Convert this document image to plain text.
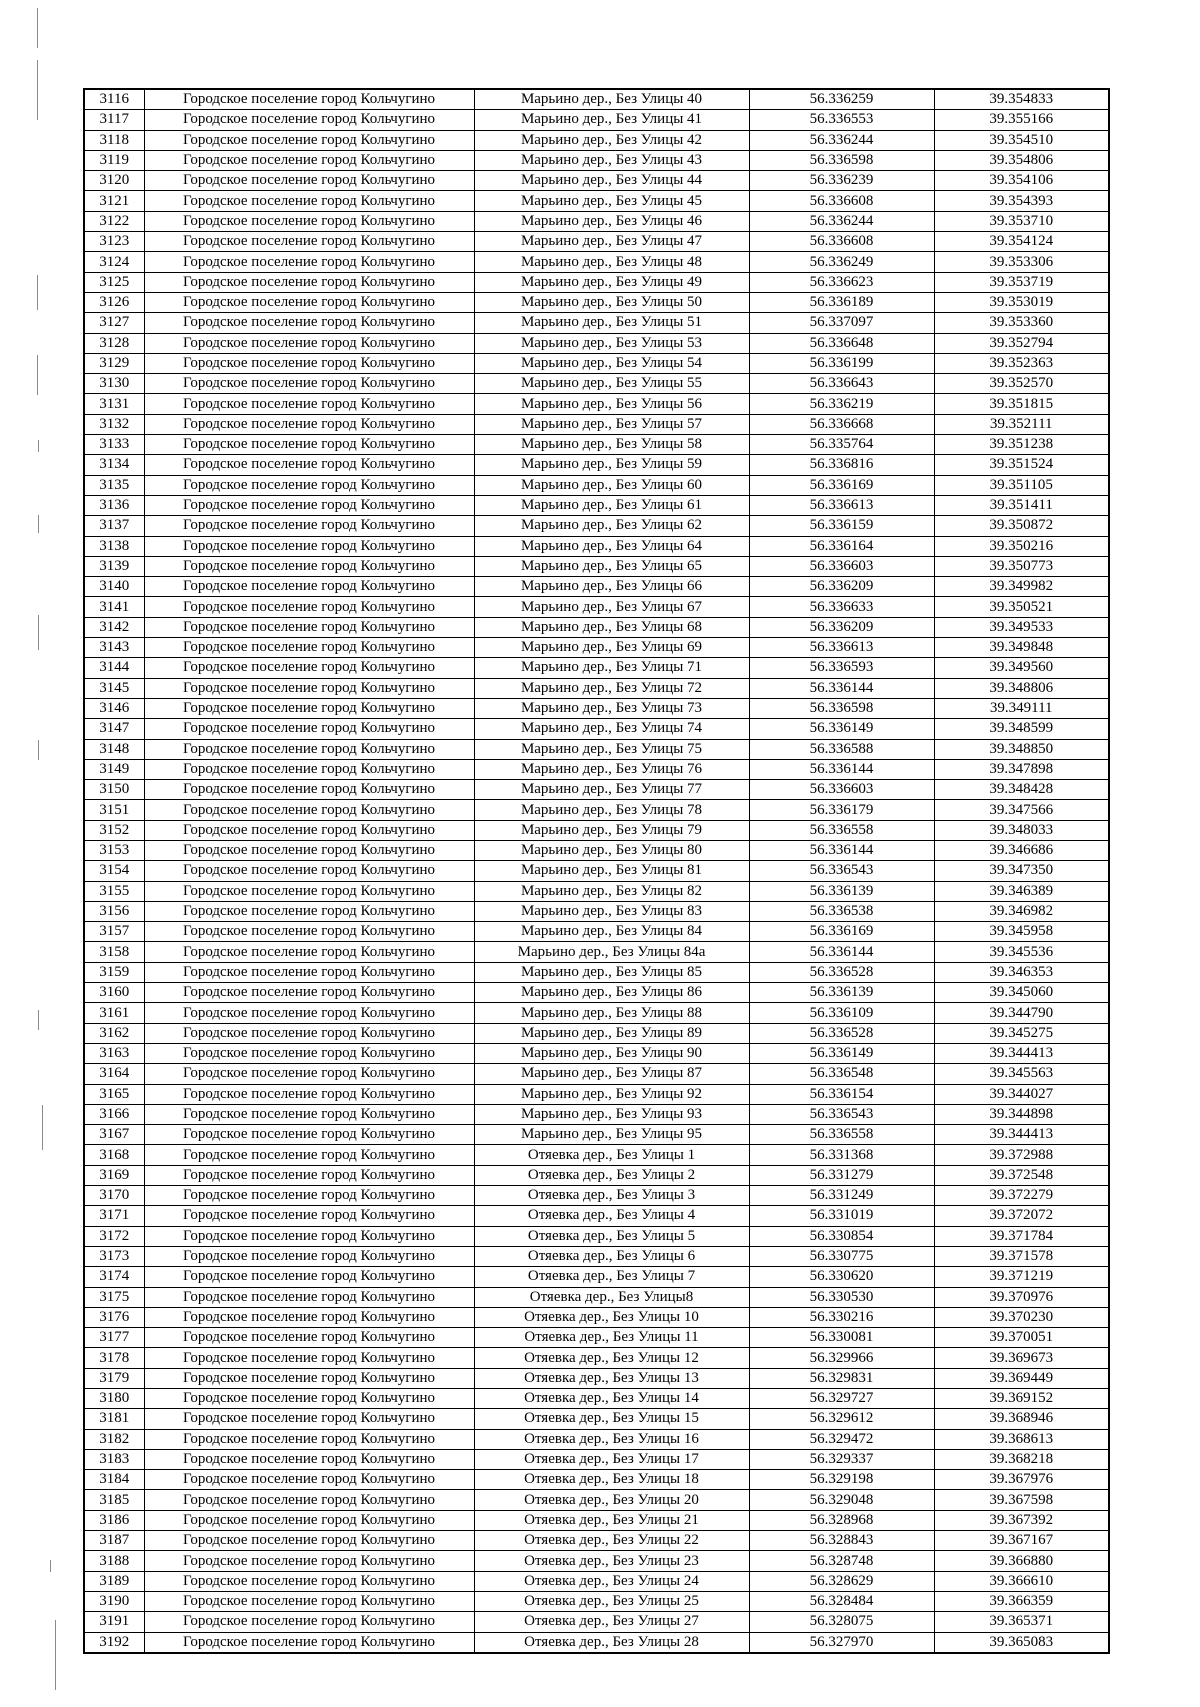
3116	Городское поселение город Кольчугино	Марьино дер., Без Улицы 40	56.336259	39.354833
3117	Городское поселение город Кольчугино	Марьино дер., Без Улицы 41	56.336553	39.355166
3118	Городское поселение город Кольчугино	Марьино дер., Без Улицы 42	56.336244	39.354510
3119	Городское поселение город Кольчугино	Марьино дер., Без Улицы 43	56.336598	39.354806
3120	Городское поселение город Кольчугино	Марьино дер., Без Улицы 44	56.336239	39.354106
3121	Городское поселение город Кольчугино	Марьино дер., Без Улицы 45	56.336608	39.354393
3122	Городское поселение город Кольчугино	Марьино дер., Без Улицы 46	56.336244	39.353710
3123	Городское поселение город Кольчугино	Марьино дер., Без Улицы 47	56.336608	39.354124
3124	Городское поселение город Кольчугино	Марьино дер., Без Улицы 48	56.336249	39.353306
3125	Городское поселение город Кольчугино	Марьино дер., Без Улицы 49	56.336623	39.353719
3126	Городское поселение город Кольчугино	Марьино дер., Без Улицы 50	56.336189	39.353019
3127	Городское поселение город Кольчугино	Марьино дер., Без Улицы 51	56.337097	39.353360
3128	Городское поселение город Кольчугино	Марьино дер., Без Улицы 53	56.336648	39.352794
3129	Городское поселение город Кольчугино	Марьино дер., Без Улицы 54	56.336199	39.352363
3130	Городское поселение город Кольчугино	Марьино дер., Без Улицы 55	56.336643	39.352570
3131	Городское поселение город Кольчугино	Марьино дер., Без Улицы 56	56.336219	39.351815
3132	Городское поселение город Кольчугино	Марьино дер., Без Улицы 57	56.336668	39.352111
3133	Городское поселение город Кольчугино	Марьино дер., Без Улицы 58	56.335764	39.351238
3134	Городское поселение город Кольчугино	Марьино дер., Без Улицы 59	56.336816	39.351524
3135	Городское поселение город Кольчугино	Марьино дер., Без Улицы 60	56.336169	39.351105
3136	Городское поселение город Кольчугино	Марьино дер., Без Улицы 61	56.336613	39.351411
3137	Городское поселение город Кольчугино	Марьино дер., Без Улицы 62	56.336159	39.350872
3138	Городское поселение город Кольчугино	Марьино дер., Без Улицы 64	56.336164	39.350216
3139	Городское поселение город Кольчугино	Марьино дер., Без Улицы 65	56.336603	39.350773
3140	Городское поселение город Кольчугино	Марьино дер., Без Улицы 66	56.336209	39.349982
3141	Городское поселение город Кольчугино	Марьино дер., Без Улицы 67	56.336633	39.350521
3142	Городское поселение город Кольчугино	Марьино дер., Без Улицы 68	56.336209	39.349533
3143	Городское поселение город Кольчугино	Марьино дер., Без Улицы 69	56.336613	39.349848
3144	Городское поселение город Кольчугино	Марьино дер., Без Улицы 71	56.336593	39.349560
3145	Городское поселение город Кольчугино	Марьино дер., Без Улицы 72	56.336144	39.348806
3146	Городское поселение город Кольчугино	Марьино дер., Без Улицы 73	56.336598	39.349111
3147	Городское поселение город Кольчугино	Марьино дер., Без Улицы 74	56.336149	39.348599
3148	Городское поселение город Кольчугино	Марьино дер., Без Улицы 75	56.336588	39.348850
3149	Городское поселение город Кольчугино	Марьино дер., Без Улицы 76	56.336144	39.347898
3150	Городское поселение город Кольчугино	Марьино дер., Без Улицы 77	56.336603	39.348428
3151	Городское поселение город Кольчугино	Марьино дер., Без Улицы 78	56.336179	39.347566
3152	Городское поселение город Кольчугино	Марьино дер., Без Улицы 79	56.336558	39.348033
3153	Городское поселение город Кольчугино	Марьино дер., Без Улицы 80	56.336144	39.346686
3154	Городское поселение город Кольчугино	Марьино дер., Без Улицы 81	56.336543	39.347350
3155	Городское поселение город Кольчугино	Марьино дер., Без Улицы 82	56.336139	39.346389
3156	Городское поселение город Кольчугино	Марьино дер., Без Улицы 83	56.336538	39.346982
3157	Городское поселение город Кольчугино	Марьино дер., Без Улицы 84	56.336169	39.345958
3158	Городское поселение город Кольчугино	Марьино дер., Без Улицы 84а	56.336144	39.345536
3159	Городское поселение город Кольчугино	Марьино дер., Без Улицы 85	56.336528	39.346353
3160	Городское поселение город Кольчугино	Марьино дер., Без Улицы 86	56.336139	39.345060
3161	Городское поселение город Кольчугино	Марьино дер., Без Улицы 88	56.336109	39.344790
3162	Городское поселение город Кольчугино	Марьино дер., Без Улицы 89	56.336528	39.345275
3163	Городское поселение город Кольчугино	Марьино дер., Без Улицы 90	56.336149	39.344413
3164	Городское поселение город Кольчугино	Марьино дер., Без Улицы 87	56.336548	39.345563
3165	Городское поселение город Кольчугино	Марьино дер., Без Улицы 92	56.336154	39.344027
3166	Городское поселение город Кольчугино	Марьино дер., Без Улицы 93	56.336543	39.344898
3167	Городское поселение город Кольчугино	Марьино дер., Без Улицы 95	56.336558	39.344413
3168	Городское поселение город Кольчугино	Отяевка дер., Без Улицы 1	56.331368	39.372988
3169	Городское поселение город Кольчугино	Отяевка дер., Без Улицы 2	56.331279	39.372548
3170	Городское поселение город Кольчугино	Отяевка дер., Без Улицы 3	56.331249	39.372279
3171	Городское поселение город Кольчугино	Отяевка дер., Без Улицы 4	56.331019	39.372072
3172	Городское поселение город Кольчугино	Отяевка дер., Без Улицы 5	56.330854	39.371784
3173	Городское поселение город Кольчугино	Отяевка дер., Без Улицы 6	56.330775	39.371578
3174	Городское поселение город Кольчугино	Отяевка дер., Без Улицы 7	56.330620	39.371219
3175	Городское поселение город Кольчугино	Отяевка дер., Без Улицы8	56.330530	39.370976
3176	Городское поселение город Кольчугино	Отяевка дер., Без Улицы 10	56.330216	39.370230
3177	Городское поселение город Кольчугино	Отяевка дер., Без Улицы 11	56.330081	39.370051
3178	Городское поселение город Кольчугино	Отяевка дер., Без Улицы 12	56.329966	39.369673
3179	Городское поселение город Кольчугино	Отяевка дер., Без Улицы 13	56.329831	39.369449
3180	Городское поселение город Кольчугино	Отяевка дер., Без Улицы 14	56.329727	39.369152
3181	Городское поселение город Кольчугино	Отяевка дер., Без Улицы 15	56.329612	39.368946
3182	Городское поселение город Кольчугино	Отяевка дер., Без Улицы 16	56.329472	39.368613
3183	Городское поселение город Кольчугино	Отяевка дер., Без Улицы 17	56.329337	39.368218
3184	Городское поселение город Кольчугино	Отяевка дер., Без Улицы 18	56.329198	39.367976
3185	Городское поселение город Кольчугино	Отяевка дер., Без Улицы 20	56.329048	39.367598
3186	Городское поселение город Кольчугино	Отяевка дер., Без Улицы 21	56.328968	39.367392
3187	Городское поселение город Кольчугино	Отяевка дер., Без Улицы 22	56.328843	39.367167
3188	Городское поселение город Кольчугино	Отяевка дер., Без Улицы 23	56.328748	39.366880
3189	Городское поселение город Кольчугино	Отяевка дер., Без Улицы 24	56.328629	39.366610
3190	Городское поселение город Кольчугино	Отяевка дер., Без Улицы 25	56.328484	39.366359
3191	Городское поселение город Кольчугино	Отяевка дер., Без Улицы 27	56.328075	39.365371
3192	Городское поселение город Кольчугино	Отяевка дер., Без Улицы 28	56.327970	39.365083
